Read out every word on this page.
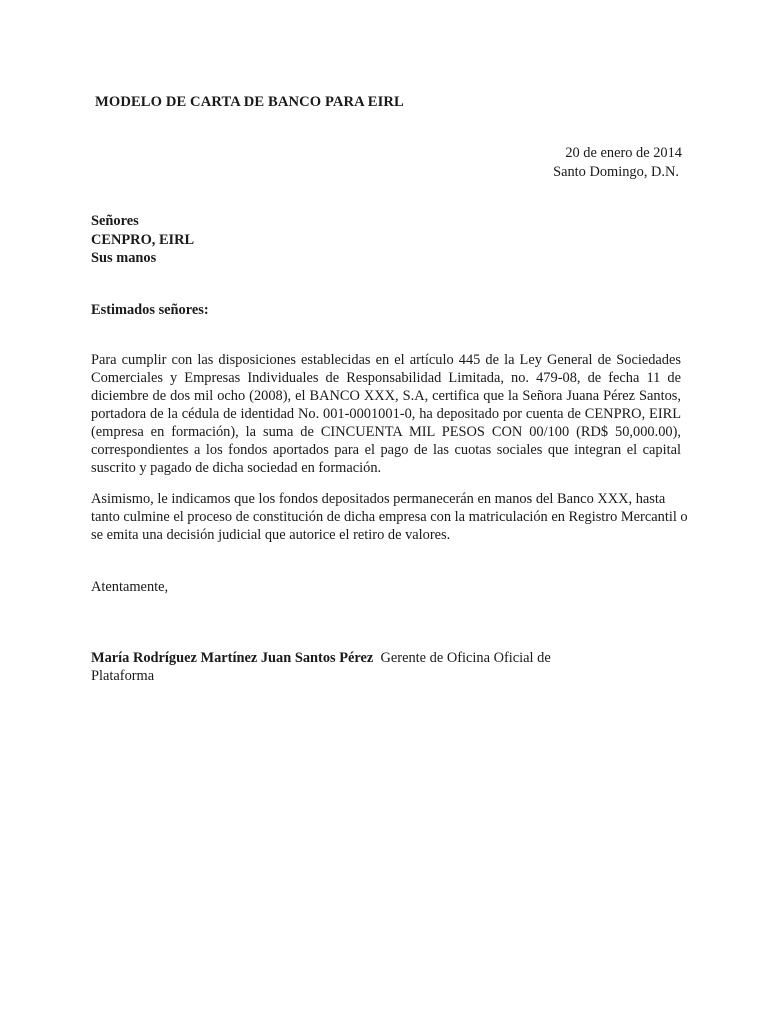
MODELO DE CARTA DE BANCO PARA EIRL
20 de enero de 2014
Santo Domingo, D.N.
Señores
CENPRO, EIRL
Sus manos
Estimados señores:
Para cumplir con las disposiciones establecidas en el artículo 445 de la Ley General de Sociedades Comerciales y Empresas Individuales de Responsabilidad Limitada, no. 479-08, de fecha 11 de diciembre de dos mil ocho (2008), el BANCO XXX, S.A, certifica que la Señora Juana Pérez Santos, portadora de la cédula de identidad No. 001-0001001-0, ha depositado por cuenta de CENPRO, EIRL (empresa en formación), la suma de CINCUENTA MIL PESOS CON 00/100 (RD$ 50,000.00), correspondientes a los fondos aportados para el pago de las cuotas sociales que integran el capital suscrito y pagado de dicha sociedad en formación.
Asimismo, le indicamos que los fondos depositados permanecerán en manos del Banco XXX, hasta tanto culmine el proceso de constitución de dicha empresa con la matriculación en Registro Mercantil o se emita una decisión judicial que autorice el retiro de valores.
Atentamente,
María Rodríguez Martínez Juan Santos Pérez Gerente de Oficina Oficial de Plataforma
